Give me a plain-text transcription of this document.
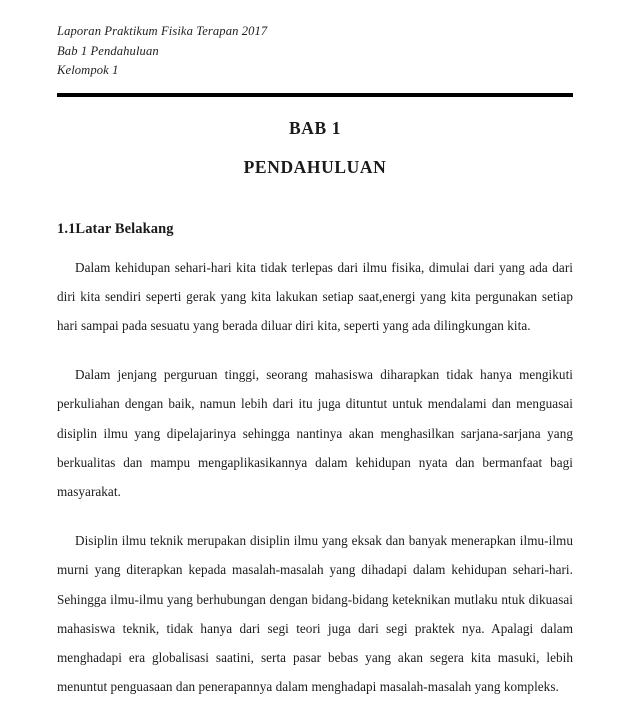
Laporan Praktikum Fisika Terapan 2017
Bab 1 Pendahuluan
Kelompok 1
BAB 1
PENDAHULUAN
1.1Latar Belakang

Dalam kehidupan sehari-hari kita tidak terlepas dari ilmu fisika, dimulai dari yang ada dari diri kita sendiri seperti gerak yang kita lakukan setiap saat,energi yang kita pergunakan setiap hari sampai pada sesuatu yang berada diluar diri kita, seperti yang ada dilingkungan kita.

Dalam jenjang perguruan tinggi, seorang mahasiswa diharapkan tidak hanya mengikuti perkuliahan dengan baik, namun lebih dari itu juga dituntut untuk mendalami dan menguasai disiplin ilmu yang dipelajarinya sehingga nantinya akan menghasilkan sarjana-sarjana yang berkualitas dan mampu mengaplikasikannya dalam kehidupan nyata dan bermanfaat bagi masyarakat.

Disiplin ilmu teknik merupakan disiplin ilmu yang eksak dan banyak menerapkan ilmu-ilmu murni yang diterapkan kepada masalah-masalah yang dihadapi dalam kehidupan sehari-hari. Sehingga ilmu-ilmu yang berhubungan dengan bidang-bidang keteknikan mutlaku ntuk dikuasai mahasiswa teknik, tidak hanya dari segi teori juga dari segi praktek nya. Apalagi dalam menghadapi era globalisasi saatini, serta pasar bebas yang akan segera kita masuki, lebih menuntut penguasaan dan penerapannya dalam menghadapi masalah-masalah yang kompleks.
